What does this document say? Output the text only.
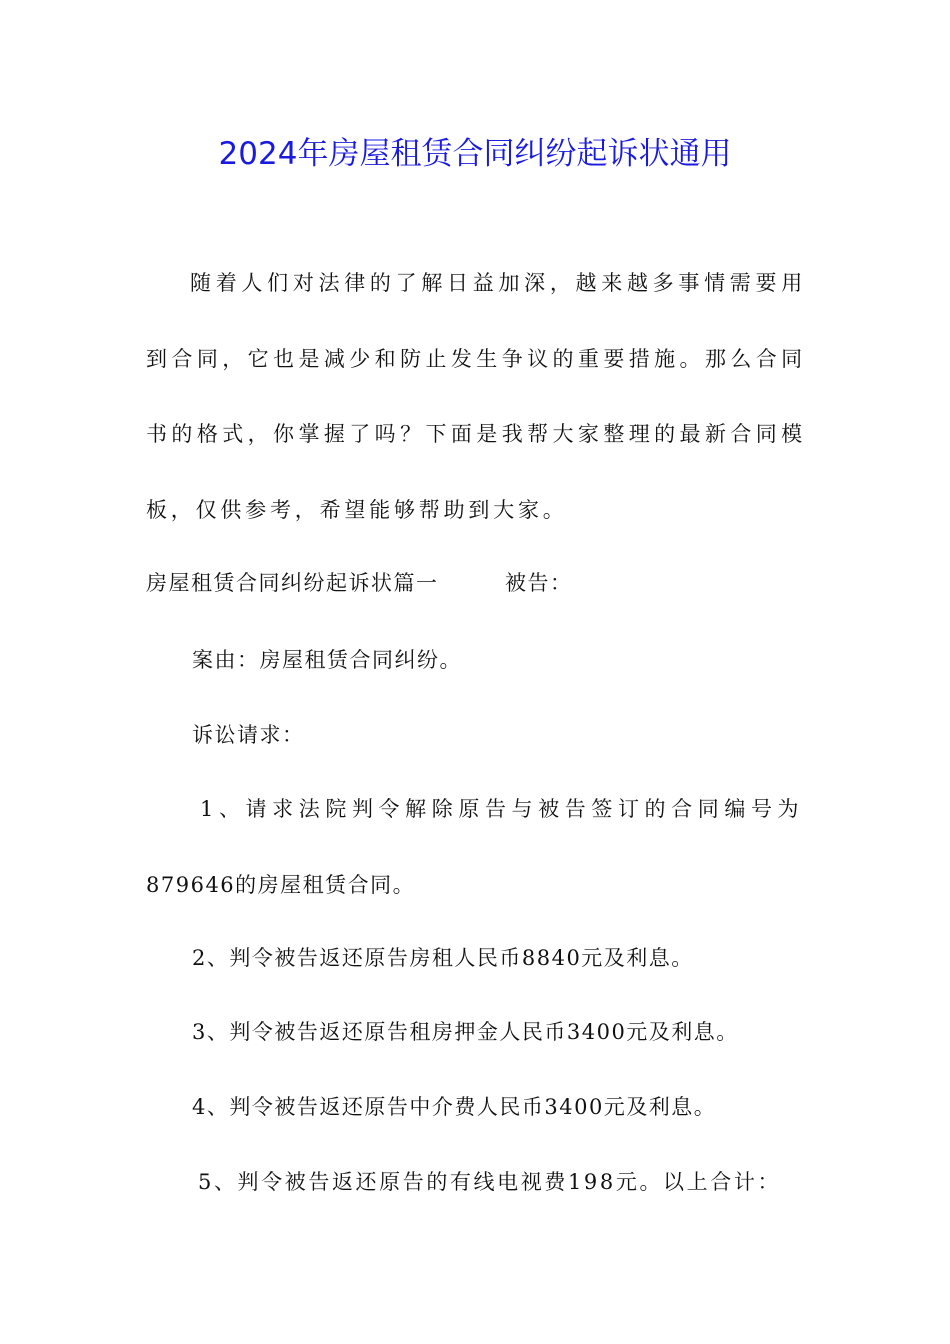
2024年房屋租赁合同纠纷起诉状通用

随着人们对法律的了解日益加深，越来越多事情需要用到合同，它也是减少和防止发生争议的重要措施。那么合同书的格式，你掌握了吗？下面是我帮大家整理的最新合同模板，仅供参考，希望能够帮助到大家。

房屋租赁合同纠纷起诉状篇一	被告：
案由：房屋租赁合同纠纷。
诉讼请求：
1、请求法院判令解除原告与被告签订的合同编号为
879646的房屋租赁合同。
2、判令被告返还原告房租人民币8840元及利息。
3、判令被告返还原告租房押金人民币3400元及利息。
4、判令被告返还原告中介费人民币3400元及利息。
5、判令被告返还原告的有线电视费198元。以上合计：
